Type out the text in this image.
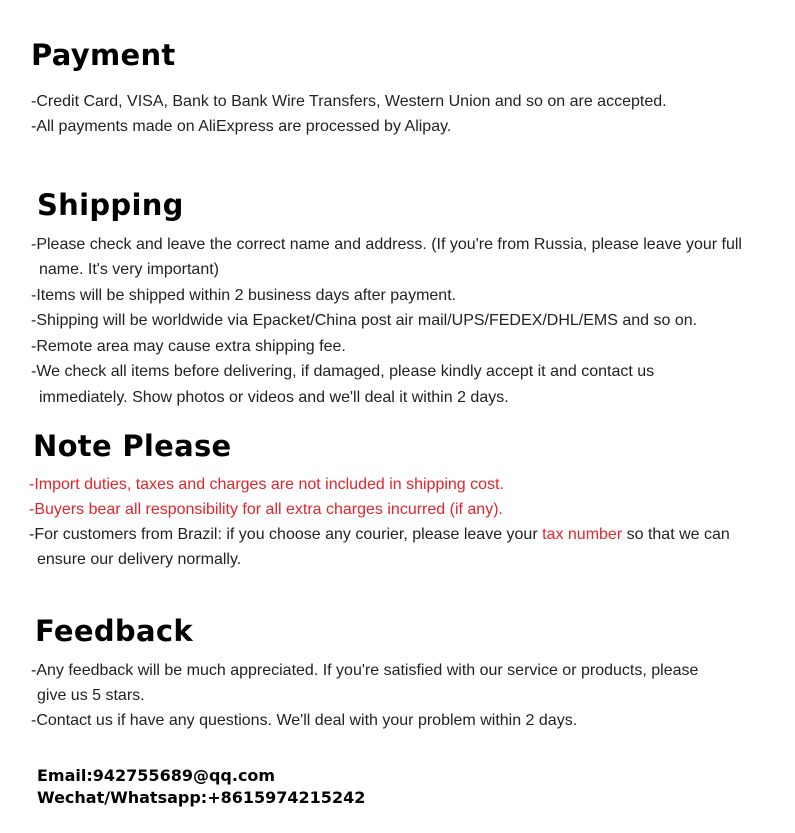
Payment

-Credit Card, VISA, Bank to Bank Wire Transfers, Western Union and so on are accepted.

-All payments made on AliExpress are processed by Alipay.

Shipping

-Please check and leave the correct name and address. (If you're from Russia, please leave your full

name. It's very important)

-Items will be shipped within 2 business days after payment.

-Shipping will be worldwide via Epacket/China post air mail/UPS/FEDEX/DHL/EMS and so on.

-Remote area may cause extra shipping fee.

-We check all items before delivering, if damaged, please kindly accept it and contact us

immediately. Show photos or videos and we'll deal it within 2 days.

Note Please

-Import duties, taxes and charges are not included in shipping cost.

-Buyers bear all responsibility for all extra charges incurred (if any).

-For customers from Brazil: if you choose any courier, please leave your tax number so that we can

ensure our delivery normally.

Feedback

-Any feedback will be much appreciated. If you're satisfied with our service or products, please

give us 5 stars.

-Contact us if have any questions. We'll deal with your problem within 2 days.

Email:942755689@qq.com

Wechat/Whatsapp:+8615974215242
